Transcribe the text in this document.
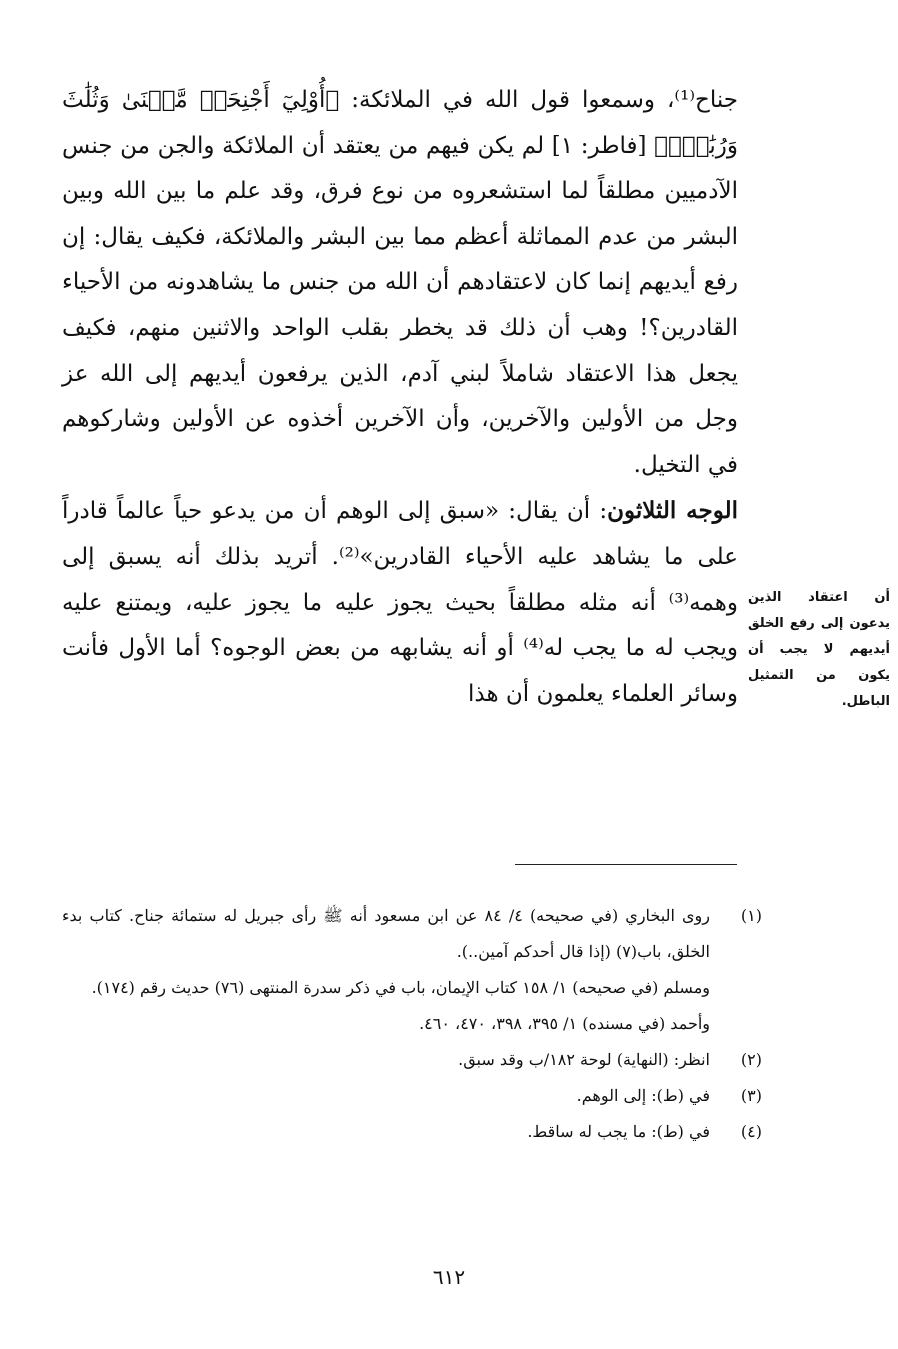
جناح⁽¹⁾، وسمعوا قول الله في الملائكة: ﴿أُوْلِيٓ أَجْنِحَةٖ مَّثۡنَىٰ وَثُلَٰثَ وَرُبَٰعَۚ﴾ [فاطر: ١] لم يكن فيهم من يعتقد أن الملائكة والجن من جنس الآدميين مطلقاً لما استشعروه من نوع فرق، وقد علم ما بين الله وبين البشر من عدم المماثلة أعظم مما بين البشر والملائكة، فكيف يقال: إن رفع أيديهم إنما كان لاعتقادهم أن الله من جنس ما يشاهدونه من الأحياء القادرين؟! وهب أن ذلك قد يخطر بقلب الواحد والاثنين منهم، فكيف يجعل هذا الاعتقاد شاملاً لبني آدم، الذين يرفعون أيديهم إلى الله عز وجل من الأولين والآخرين، وأن الآخرين أخذوه عن الأولين وشاركوهم في التخيل.

الوجه الثلاثون: أن يقال: «سبق إلى الوهم أن من يدعو حياً عالماً قادراً على ما يشاهد عليه الأحياء القادرين»⁽²⁾. أتريد بذلك أنه يسبق إلى وهمه⁽³⁾ أنه مثله مطلقاً بحيث يجوز عليه ما يجوز عليه، ويمتنع عليه ويجب له ما يجب له⁽⁴⁾ أو أنه يشابهه من بعض الوجوه؟ أما الأول فأنت وسائر العلماء يعلمون أن هذا

أن اعتقاد الذين يدعون إلى رفع الخلق أيديهم لا يجب أن يكون من التمثيل الباطل.
(١)
روى البخاري (في صحيحه) ٤/ ٨٤ عن ابن مسعود أنه ﷺ رأى جبريل له ستمائة جناح. كتاب بدء الخلق، باب(٧) (إذا قال أحدكم آمين..).
ومسلم (في صحيحه) ١/ ١٥٨ كتاب الإيمان، باب في ذكر سدرة المنتهى (٧٦) حديث رقم (١٧٤).
وأحمد (في مسنده) ١/ ٣٩٥، ٣٩٨، ٤٧٠، ٤٦٠.
(٢)
انظر: (النهاية) لوحة ١٨٢/ب وقد سبق.
(٣)
في (ط): إلى الوهم.
(٤)
في (ط): ما يجب له ساقط.
٦١٢
